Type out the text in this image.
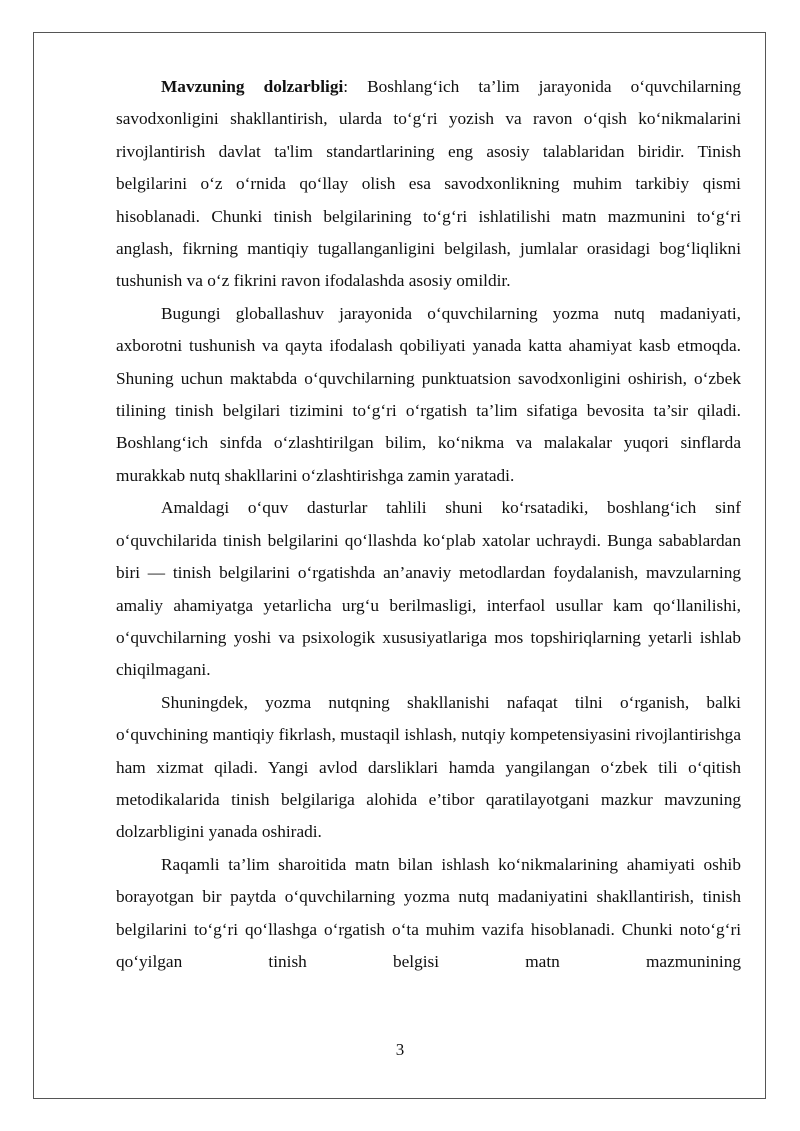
Mavzuning dolzarbligi: Boshlang‘ich ta’lim jarayonida o‘quvchilarning savodxonligini shakllantirish, ularda to‘g‘ri yozish va ravon o‘qish ko‘nikmalarini rivojlantirish davlat ta'lim standartlarining eng asosiy talablaridan biridir. Tinish belgilarini o‘z o‘rnida qo‘llay olish esa savodxonlikning muhim tarkibiy qismi hisoblanadi. Chunki tinish belgilarining to‘g‘ri ishlatilishi matn mazmunini to‘g‘ri anglash, fikrning mantiqiy tugallanganligini belgilash, jumlalar orasidagi bog‘liqlikni tushunish va o‘z fikrini ravon ifodalashda asosiy omildir.

Bugungi globallashuv jarayonida o‘quvchilarning yozma nutq madaniyati, axborotni tushunish va qayta ifodalash qobiliyati yanada katta ahamiyat kasb etmoqda. Shuning uchun maktabda o‘quvchilarning punktuatsion savodxonligini oshirish, o‘zbek tilining tinish belgilari tizimini to‘g‘ri o‘rgatish ta’lim sifatiga bevosita ta’sir qiladi. Boshlang‘ich sinfda o‘zlashtirilgan bilim, ko‘nikma va malakalar yuqori sinflarda murakkab nutq shakllarini o‘zlashtirishga zamin yaratadi.

Amaldagi o‘quv dasturlar tahlili shuni ko‘rsatadiki, boshlang‘ich sinf o‘quvchilarida tinish belgilarini qo‘llashda ko‘plab xatolar uchraydi. Bunga sabablardan biri — tinish belgilarini o‘rgatishda an’anaviy metodlardan foydalanish, mavzularning amaliy ahamiyatga yetarlicha urg‘u berilmasligi, interfaol usullar kam qo‘llanilishi, o‘quvchilarning yoshi va psixologik xususiyatlariga mos topshiriqlarning yetarli ishlab chiqilmagani.

Shuningdek, yozma nutqning shakllanishi nafaqat tilni o‘rganish, balki o‘quvchining mantiqiy fikrlash, mustaqil ishlash, nutqiy kompetensiyasini rivojlantirishga ham xizmat qiladi. Yangi avlod darsliklari hamda yangilangan o‘zbek tili o‘qitish metodikalarida tinish belgilariga alohida e’tibor qaratilayotgani mazkur mavzuning dolzarbligini yanada oshiradi.

Raqamli ta’lim sharoitida matn bilan ishlash ko‘nikmalarining ahamiyati oshib borayotgan bir paytda o‘quvchilarning yozma nutq madaniyatini shakllantirish, tinish belgilarini to‘g‘ri qo‘llashga o‘rgatish o‘ta muhim vazifa hisoblanadi. Chunki noto‘g‘ri qo‘yilgan tinish belgisi matn mazmunining

3
